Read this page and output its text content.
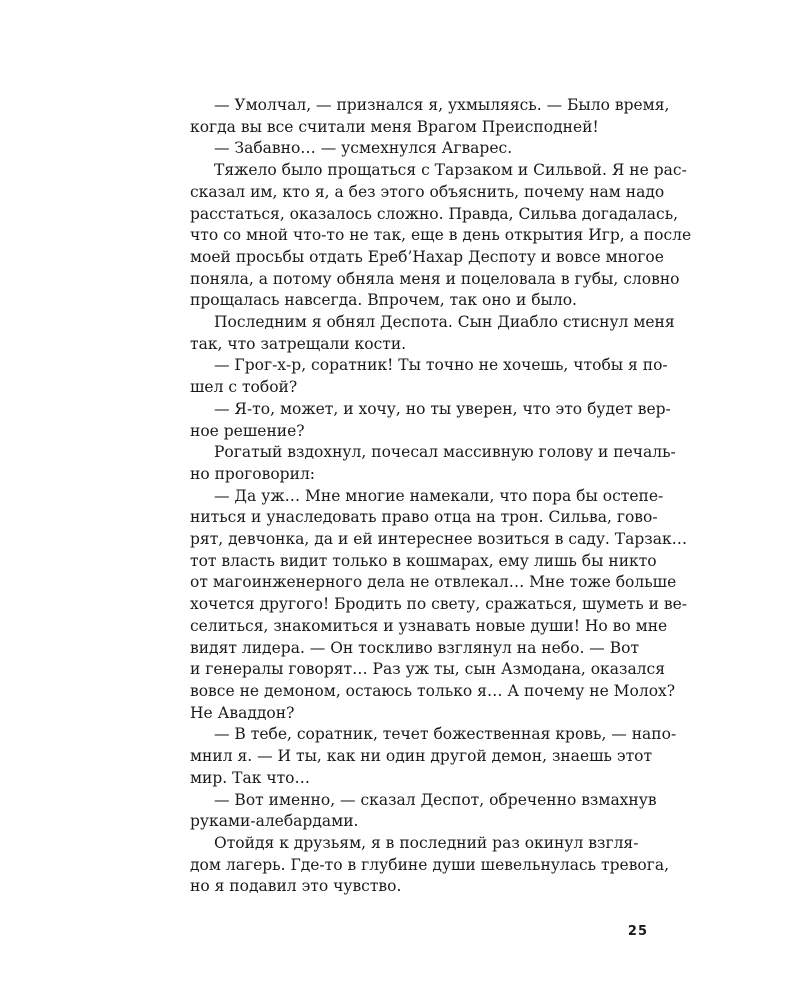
— Умолчал, — признался я, ухмыляясь. — Было время,
когда вы все считали меня Врагом Преисподней!
— Забавно… — усмехнулся Агварес.
Тяжело было прощаться с Тарзаком и Сильвой. Я не рас-
сказал им, кто я, а без этого объяснить, почему нам надо
расстаться, оказалось сложно. Правда, Сильва догадалась,
что со мной что-то не так, еще в день открытия Игр, а после
моей просьбы отдать Ереб’Нахар Деспоту и вовсе многое
поняла, а потому обняла меня и поцеловала в губы, словно
прощалась навсегда. Впрочем, так оно и было.
Последним я обнял Деспота. Сын Диабло стиснул меня
так, что затрещали кости.
— Грог-х-р, соратник! Ты точно не хочешь, чтобы я по-
шел с тобой?
— Я-то, может, и хочу, но ты уверен, что это будет вер-
ное решение?
Рогатый вздохнул, почесал массивную голову и печаль-
но проговорил:
— Да уж… Мне многие намекали, что пора бы остепе-
ниться и унаследовать право отца на трон. Сильва, гово-
рят, девчонка, да и ей интереснее возиться в саду. Тарзак…
тот власть видит только в кошмарах, ему лишь бы никто
от магоинженерного дела не отвлекал… Мне тоже больше
хочется другого! Бродить по свету, сражаться, шуметь и ве-
селиться, знакомиться и узнавать новые души! Но во мне
видят лидера. — Он тоскливо взглянул на небо. — Вот
и генералы говорят… Раз уж ты, сын Азмодана, оказался
вовсе не демоном, остаюсь только я… А почему не Молох?
Не Аваддон?
— В тебе, соратник, течет божественная кровь, — напо-
мнил я. — И ты, как ни один другой демон, знаешь этот
мир. Так что…
— Вот именно, — сказал Деспот, обреченно взмахнув
руками-алебардами.
Отойдя к друзьям, я в последний раз окинул взгля-
дом лагерь. Где-то в глубине души шевельнулась тревога,
но я подавил это чувство.
25
